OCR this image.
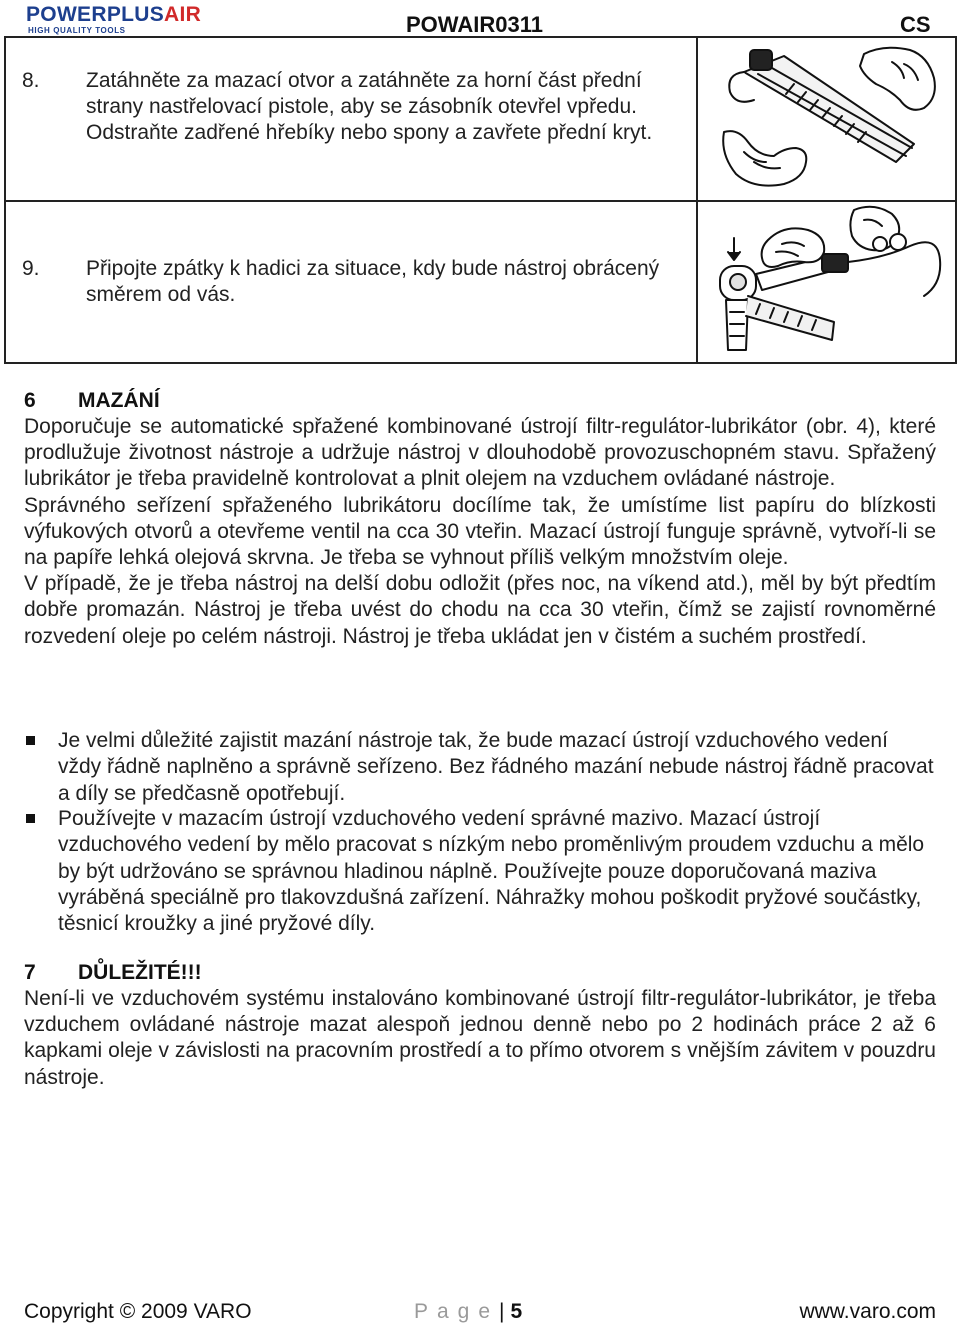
POWERPLUSAIR
HIGH QUALITY TOOLS	POWAIR0311	CS
8. Zatáhněte za mazací otvor a zatáhněte za horní část přední strany nastřelovací pistole, aby se zásobník otevřel vpředu. Odstraňte zadřené hřebíky nebo spony a zavřete přední kryt.
9. Připojte zpátky k hadici za situace, kdy bude nástroj obrácený směrem od vás.
6 MAZÁNÍ

Doporučuje se automatické spřažené kombinované ústrojí filtr-regulátor-lubrikátor (obr. 4), které prodlužuje životnost nástroje a udržuje nástroj v dlouhodobě provozuschopném stavu. Spřažený lubrikátor je třeba pravidelně kontrolovat a plnit olejem na vzduchem ovládané nástroje.

Správného seřízení spřaženého lubrikátoru docílíme tak, že umístíme list papíru do blízkosti výfukových otvorů a otevřeme ventil na cca 30 vteřin. Mazací ústrojí funguje správně, vytvoří-li se na papíře lehká olejová skrvna. Je třeba se vyhnout příliš velkým množstvím oleje.

V případě, že je třeba nástroj na delší dobu odložit (přes noc, na víkend atd.), měl by být předtím dobře promazán. Nástroj je třeba uvést do chodu na cca 30 vteřin, čímž se zajistí rovnoměrné rozvedení oleje po celém nástroji. Nástroj je třeba ukládat jen v čistém a suchém prostředí.

Je velmi důležité zajistit mazání nástroje tak, že bude mazací ústrojí vzduchového vedení vždy řádně naplněno a správně seřízeno. Bez řádného mazání nebude nástroj řádně pracovat a díly se předčasně opotřebují.
Používejte v mazacím ústrojí vzduchového vedení správné mazivo. Mazací ústrojí vzduchového vedení by mělo pracovat s nízkým nebo proměnlivým proudem vzduchu a mělo by být udržováno se správnou hladinou náplně. Používejte pouze doporučovaná maziva vyráběná speciálně pro tlakovzdušná zařízení. Náhražky mohou poškodit pryžové součástky, těsnicí kroužky a jiné pryžové díly.
7 DŮLEŽITÉ!!!

Není-li ve vzduchovém systému instalováno kombinované ústrojí filtr-regulátor-lubrikátor, je třeba vzduchem ovládané nástroje mazat alespoň jednou denně nebo po 2 hodinách práce 2 až 6 kapkami oleje v závislosti na pracovním prostředí a to přímo otvorem s vnějším závitem v pouzdru nástroje.

Copyright © 2009 VARO	Page| 5	www.varo.com
